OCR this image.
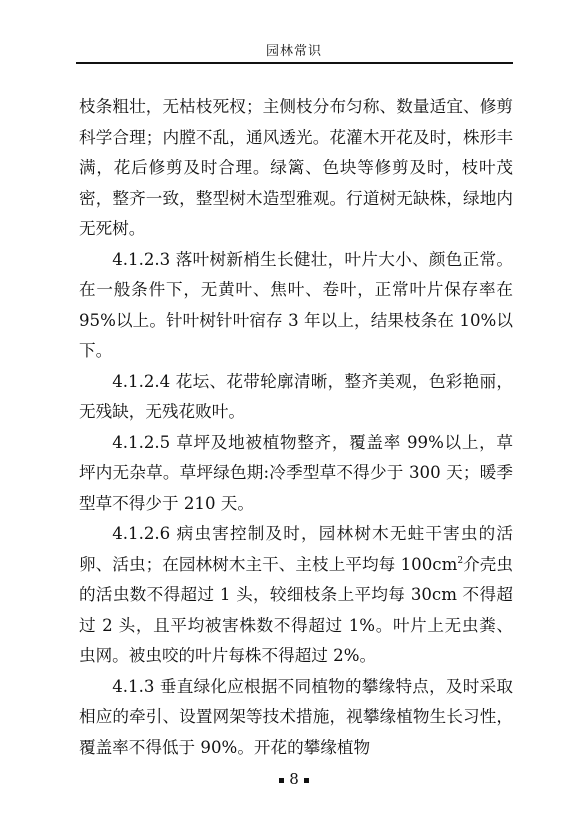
园林常识

枝条粗壮，无枯枝死杈；主侧枝分布匀称、数量适宜、修剪科学合理；内膛不乱，通风透光。花灌木开花及时，株形丰满，花后修剪及时合理。绿篱、色块等修剪及时，枝叶茂密，整齐一致，整型树木造型雅观。行道树无缺株，绿地内无死树。

4.1.2.3 落叶树新梢生长健壮，叶片大小、颜色正常。在一般条件下，无黄叶、焦叶、卷叶，正常叶片保存率在 95%以上。针叶树针叶宿存 3 年以上，结果枝条在 10%以下。

4.1.2.4 花坛、花带轮廓清晰，整齐美观，色彩艳丽，无残缺，无残花败叶。

4.1.2.5 草坪及地被植物整齐，覆盖率 99%以上，草坪内无杂草。草坪绿色期:冷季型草不得少于 300 天；暖季型草不得少于 210 天。

4.1.2.6 病虫害控制及时，园林树木无蛀干害虫的活卵、活虫；在园林树木主干、主枝上平均每 $100cm^2$介壳虫的活虫数不得超过 1 头，较细枝条上平均每 30cm 不得超过 2 头，且平均被害株数不得超过 1%。叶片上无虫粪、虫网。被虫咬的叶片每株不得超过 2%。

4.1.3 垂直绿化应根据不同植物的攀缘特点，及时采取相应的牵引、设置网架等技术措施，视攀缘植物生长习性，覆盖率不得低于 90%。开花的攀缘植物

8
